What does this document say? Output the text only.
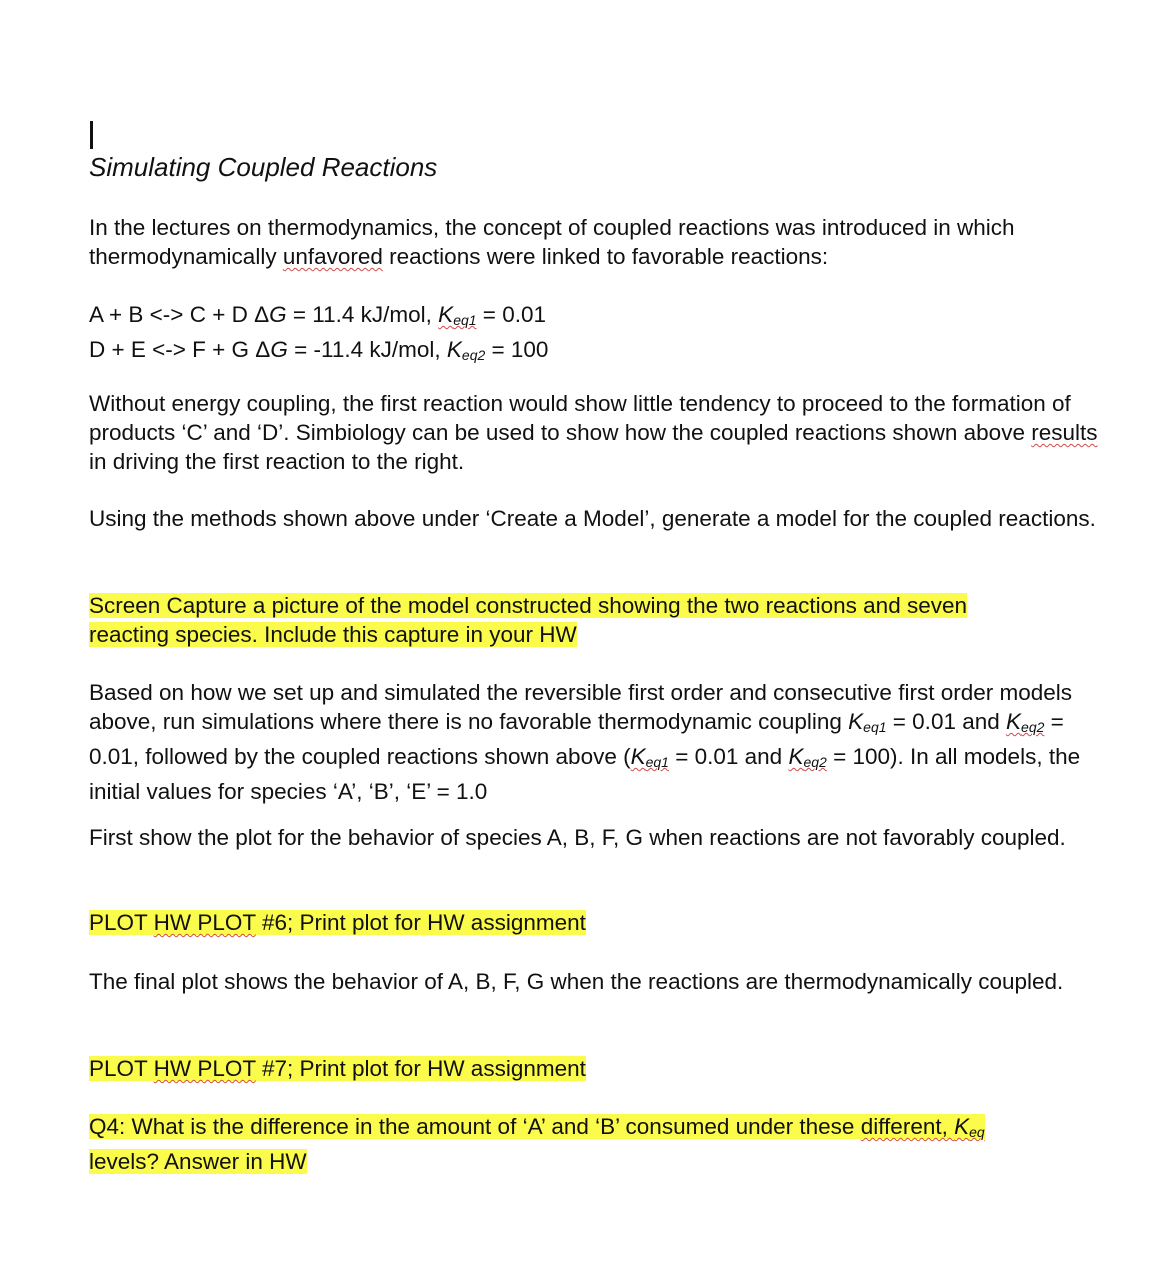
Simulating Coupled Reactions

In the lectures on thermodynamics, the concept of coupled reactions was introduced in which thermodynamically unfavored reactions were linked to favorable reactions:

A + B <-> C + D ΔG = 11.4 kJ/mol, $K_{eq1} = 0.01$
D + E <-> F + G ΔG = -11.4 kJ/mol, $K_{eq2} = 100$

Without energy coupling, the first reaction would show little tendency to proceed to the formation of products ‘C’ and ‘D’. Simbiology can be used to show how the coupled reactions shown above results in driving the first reaction to the right.

Using the methods shown above under ‘Create a Model’, generate a model for the coupled reactions.

Screen Capture a picture of the model constructed showing the two reactions and seven
reacting species. Include this capture in your HW

Based on how we set up and simulated the reversible first order and consecutive first order models above, run simulations where there is no favorable thermodynamic coupling $K_{eq1} = 0.01$ and $K_{eq2} = 0.01$, followed by the coupled reactions shown above ($K_{eq1} = 0.01$ and $K_{eq2} = 100$). In all models, the initial values for species ‘A’, ‘B’, ‘E’ = 1.0

First show the plot for the behavior of species A, B, F, G when reactions are not favorably coupled.

PLOT HW PLOT #6; Print plot for HW assignment

The final plot shows the behavior of A, B, F, G when the reactions are thermodynamically coupled.

PLOT HW PLOT #7; Print plot for HW assignment

Q4: What is the difference in the amount of ‘A’ and ‘B’ consumed under these different, $K_{eq}$
levels? Answer in HW
